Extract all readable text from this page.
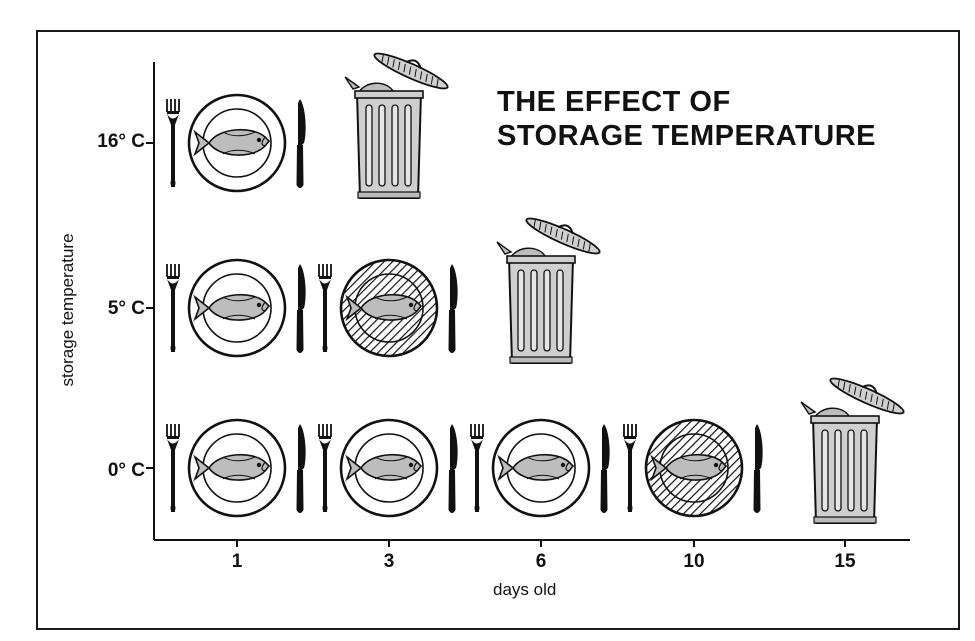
THE EFFECT OF
STORAGE TEMPERATURE
16° C
5° C
0° C
1	3	6	10	15
days old
storage temperature
